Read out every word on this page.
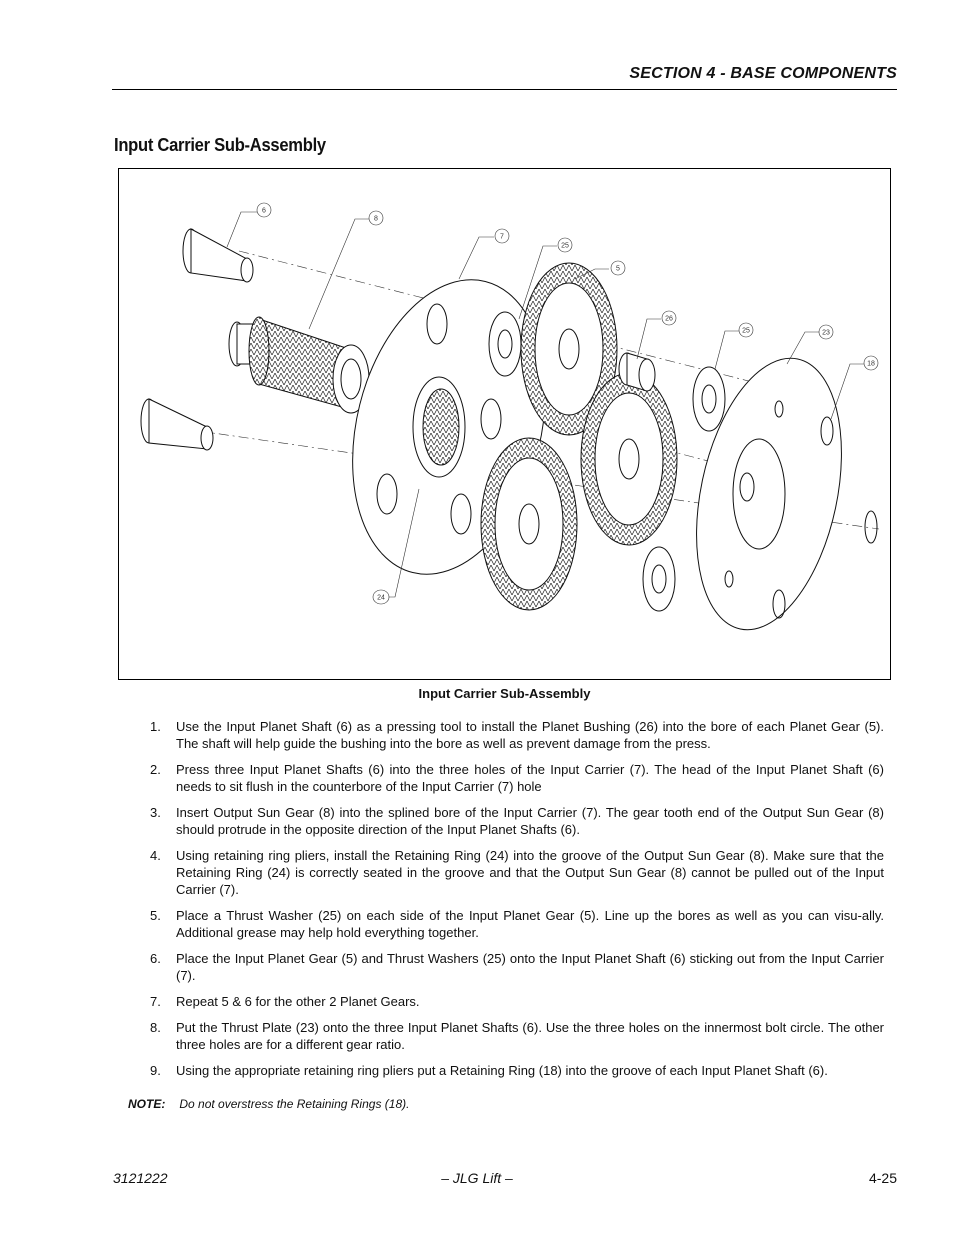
SECTION 4 - BASE COMPONENTS
Input Carrier Sub-Assembly
6
8
7
25
5
26
25	23
18
24
Input Carrier Sub-Assembly
1. Use the Input Planet Shaft (6) as a pressing tool to install the Planet Bushing (26) into the bore of each Planet Gear (5). The shaft will help guide the bushing into the bore as well as prevent damage from the press.
2. Press three Input Planet Shafts (6) into the three holes of the Input Carrier (7). The head of the Input Planet Shaft (6) needs to sit flush in the counterbore of the Input Carrier (7) hole
3. Insert Output Sun Gear (8) into the splined bore of the Input Carrier (7). The gear tooth end of the Output Sun Gear (8) should protrude in the opposite direction of the Input Planet Shafts (6).
4. Using retaining ring pliers, install the Retaining Ring (24) into the groove of the Output Sun Gear (8). Make sure that the Retaining Ring (24) is correctly seated in the groove and that the Output Sun Gear (8) cannot be pulled out of the Input Carrier (7).
5. Place a Thrust Washer (25) on each side of the Input Planet Gear (5). Line up the bores as well as you can visu-ally. Additional grease may help hold everything together.
6. Place the Input Planet Gear (5) and Thrust Washers (25) onto the Input Planet Shaft (6) sticking out from the Input Carrier (7).
7. Repeat 5 & 6 for the other 2 Planet Gears.
8. Put the Thrust Plate (23) onto the three Input Planet Shafts (6). Use the three holes on the innermost bolt circle. The other three holes are for a different gear ratio.
9. Using the appropriate retaining ring pliers put a Retaining Ring (18) into the groove of each Input Planet Shaft (6).
NOTE: Do not overstress the Retaining Rings (18).
3121222	– JLG Lift –	4-25
